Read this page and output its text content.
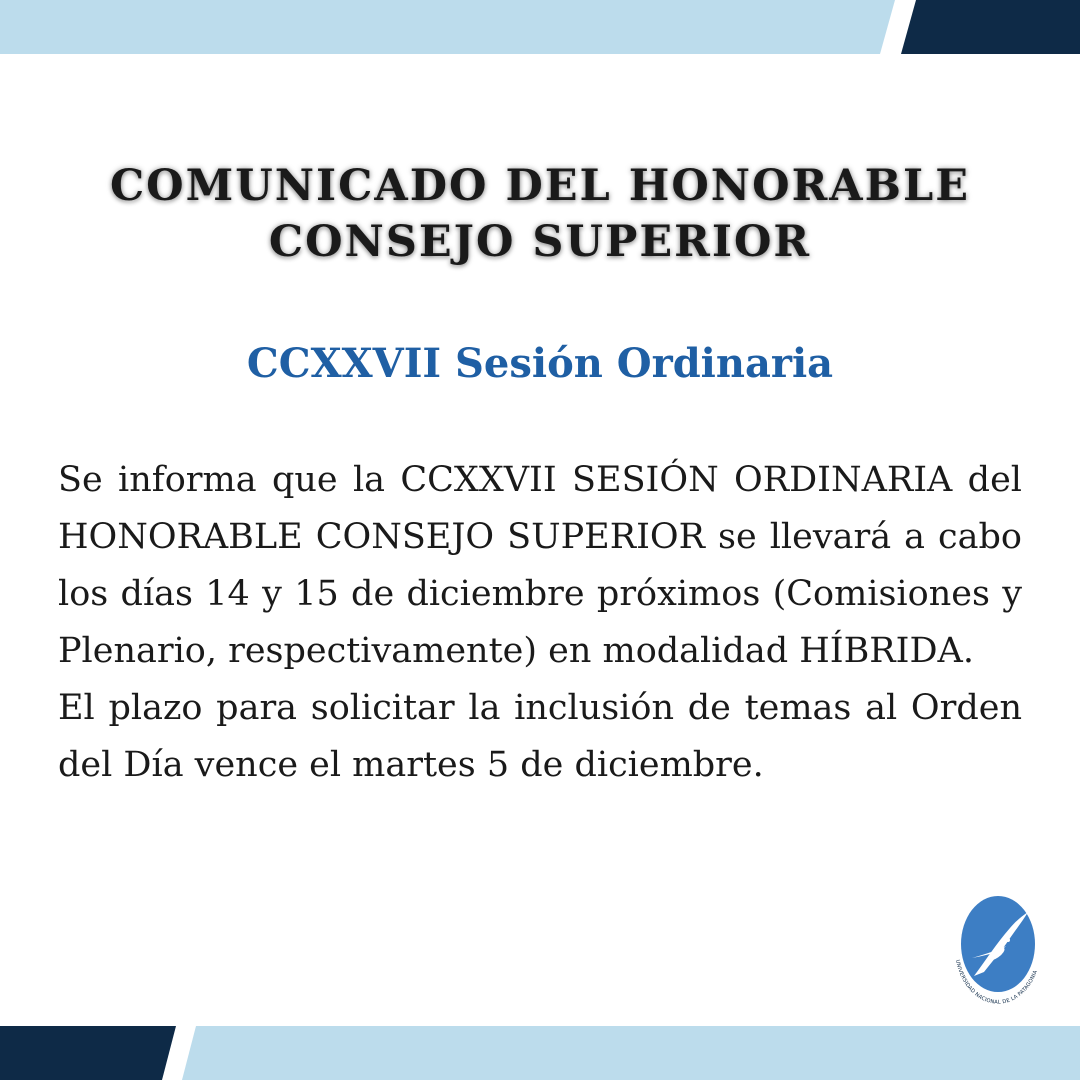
COMUNICADO DEL HONORABLE
CONSEJO SUPERIOR
CCXXVII Sesión Ordinaria

Se informa que la CCXXVII SESIÓN ORDINARIA del HONORABLE CONSEJO SUPERIOR se llevará a cabo los días 14 y 15 de diciembre próximos (Comisiones y Plenario, respectivamente) en modalidad HÍBRIDA.

El plazo para solicitar la inclusión de temas al Orden del Día vence el martes 5 de diciembre.

UNIVERSIDAD NACIONAL DE LA PATAGONIA
